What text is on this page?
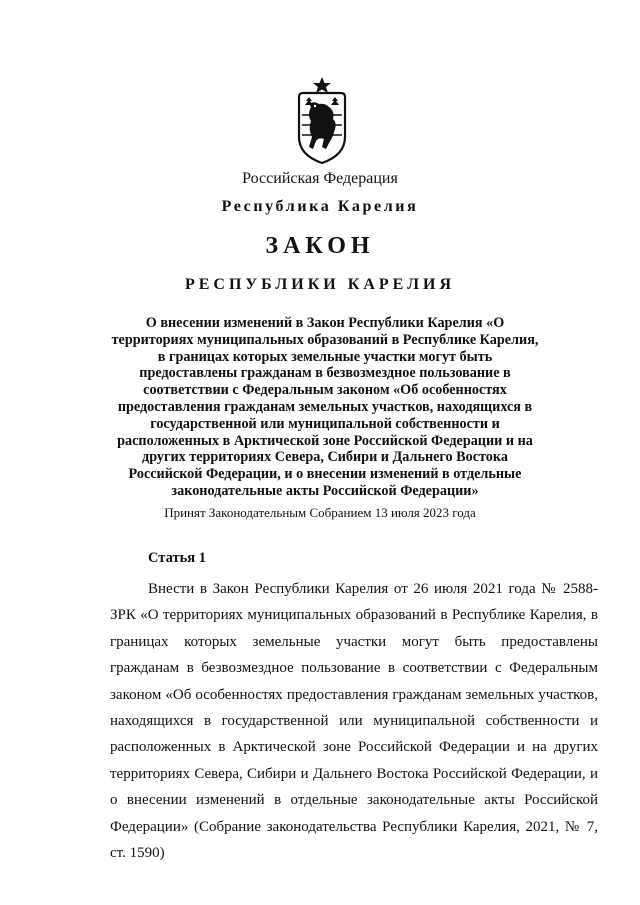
Российская Федерация
Республика Карелия
ЗАКОН
РЕСПУБЛИКИ КАРЕЛИЯ
О внесении изменений в Закон Республики Карелия «О территориях муниципальных образований в Республике Карелия, в границах которых земельные участки могут быть предоставлены гражданам в безвозмездное пользование в соответствии с Федеральным законом «Об особенностях предоставления гражданам земельных участков, находящихся в государственной или муниципальной собственности и расположенных в Арктической зоне Российской Федерации и на других территориях Севера, Сибири и Дальнего Востока Российской Федерации, и о внесении изменений в отдельные законодательные акты Российской Федерации»
Принят Законодательным Собранием 13 июля 2023 года
Статья 1

Внести в Закон Республики Карелия от 26 июля 2021 года № 2588-ЗРК «О территориях муниципальных образований в Республике Карелия, в границах которых земельные участки могут быть предоставлены гражданам в безвозмездное пользование в соответствии с Федеральным законом «Об особенностях предоставления гражданам земельных участков, находящихся в государственной или муниципальной собственности и расположенных в Арктической зоне Российской Федерации и на других территориях Севера, Сибири и Дальнего Востока Российской Федерации, и о внесении изменений в отдельные законодательные акты Российской Федерации» (Собрание законодательства Республики Карелия, 2021, № 7, ст. 1590)
